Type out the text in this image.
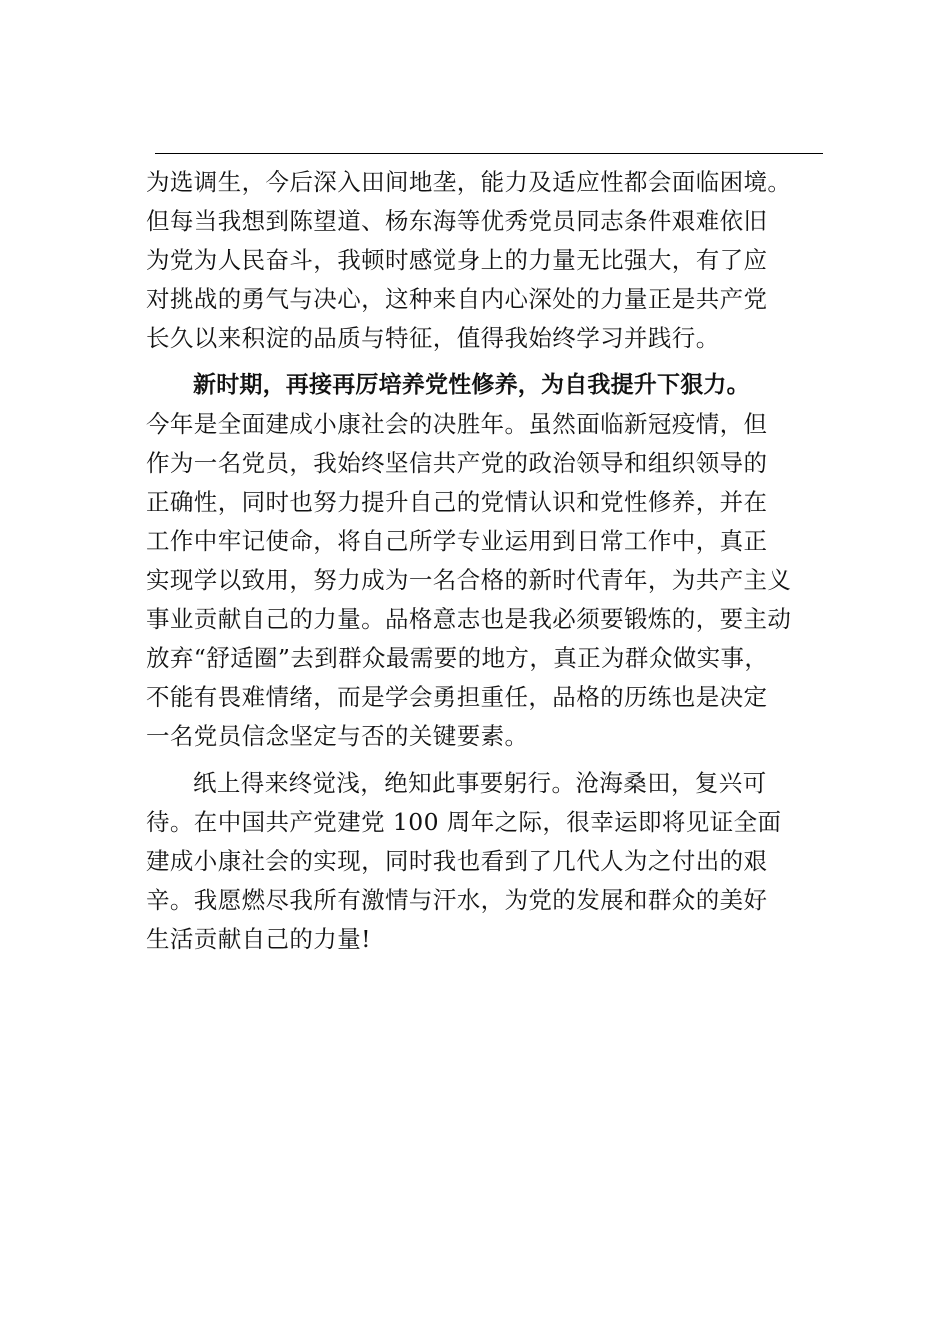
为选调生，今后深入田间地垄，能力及适应性都会面临困境。
但每当我想到陈望道、杨东海等优秀党员同志条件艰难依旧
为党为人民奋斗，我顿时感觉身上的力量无比强大，有了应
对挑战的勇气与决心，这种来自内心深处的力量正是共产党
长久以来积淀的品质与特征，值得我始终学习并践行。
新时期，再接再厉培养党性修养，为自我提升下狠力。
今年是全面建成小康社会的决胜年。虽然面临新冠疫情，但
作为一名党员，我始终坚信共产党的政治领导和组织领导的
正确性，同时也努力提升自己的党情认识和党性修养，并在
工作中牢记使命，将自己所学专业运用到日常工作中，真正
实现学以致用，努力成为一名合格的新时代青年，为共产主义
事业贡献自己的力量。品格意志也是我必须要锻炼的，要主动
放弃“舒适圈”去到群众最需要的地方，真正为群众做实事，
不能有畏难情绪，而是学会勇担重任，品格的历练也是决定
一名党员信念坚定与否的关键要素。
纸上得来终觉浅，绝知此事要躬行。沧海桑田，复兴可
待。在中国共产党建党 100 周年之际，很幸运即将见证全面
建成小康社会的实现，同时我也看到了几代人为之付出的艰
辛。我愿燃尽我所有激情与汗水，为党的发展和群众的美好
生活贡献自己的力量!
